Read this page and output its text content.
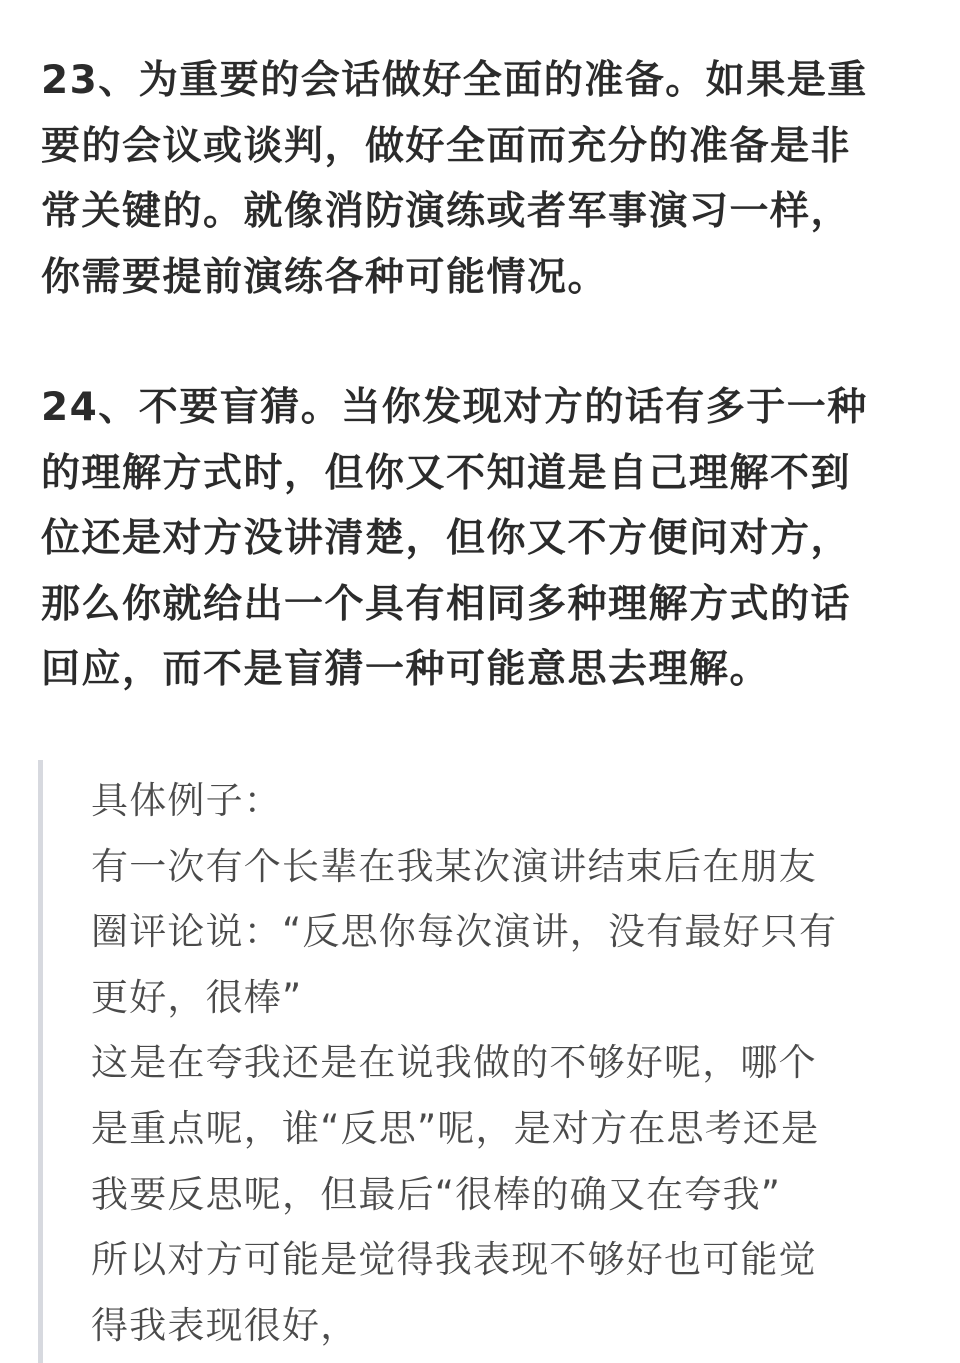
23、为重要的会话做好全面的准备。如果是重
要的会议或谈判，做好全面而充分的准备是非
常关键的。就像消防演练或者军事演习一样，
你需要提前演练各种可能情况。

24、不要盲猜。当你发现对方的话有多于一种
的理解方式时，但你又不知道是自己理解不到
位还是对方没讲清楚，但你又不方便问对方，
那么你就给出一个具有相同多种理解方式的话
回应，而不是盲猜一种可能意思去理解。

具体例子：
有一次有个长辈在我某次演讲结束后在朋友
圈评论说：“反思你每次演讲，没有最好只有
更好，很棒”
这是在夸我还是在说我做的不够好呢，哪个
是重点呢，谁“反思”呢，是对方在思考还是
我要反思呢，但最后“很棒的确又在夸我”
所以对方可能是觉得我表现不够好也可能觉
得我表现很好，
